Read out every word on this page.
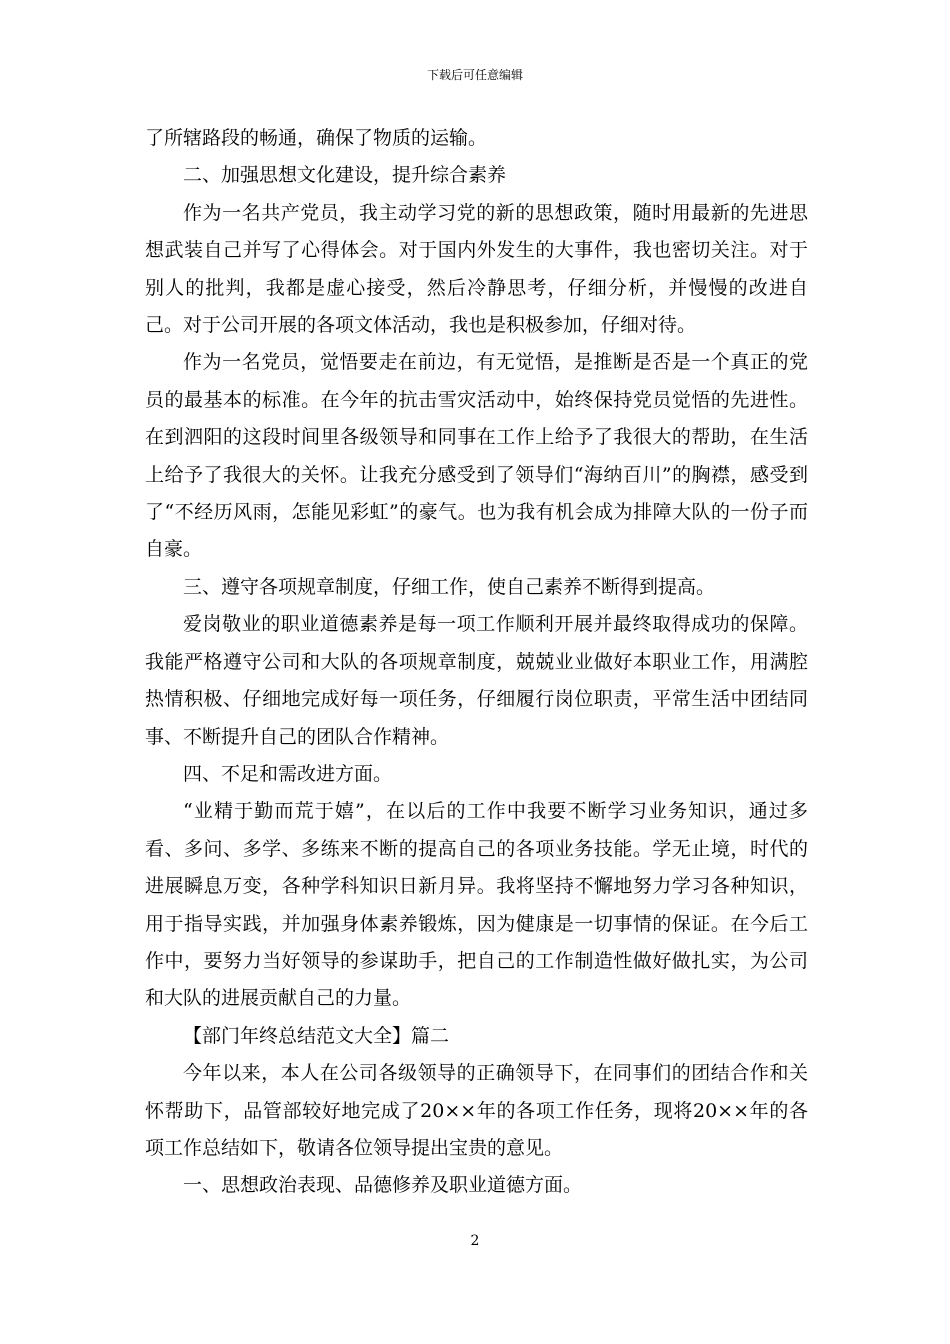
下载后可任意编辑

了所辖路段的畅通，确保了物质的运输。

二、加强思想文化建设，提升综合素养

作为一名共产党员，我主动学习党的新的思想政策，随时用最新的先进思想武装自己并写了心得体会。对于国内外发生的大事件，我也密切关注。对于别人的批判，我都是虚心接受，然后冷静思考，仔细分析，并慢慢的改进自己。对于公司开展的各项文体活动，我也是积极参加，仔细对待。

作为一名党员，觉悟要走在前边，有无觉悟，是推断是否是一个真正的党员的最基本的标准。在今年的抗击雪灾活动中，始终保持党员觉悟的先进性。在到泗阳的这段时间里各级领导和同事在工作上给予了我很大的帮助，在生活上给予了我很大的关怀。让我充分感受到了领导们“海纳百川”的胸襟，感受到了“不经历风雨，怎能见彩虹”的豪气。也为我有机会成为排障大队的一份子而自豪。

三、遵守各项规章制度，仔细工作，使自己素养不断得到提高。

爱岗敬业的职业道德素养是每一项工作顺利开展并最终取得成功的保障。我能严格遵守公司和大队的各项规章制度，兢兢业业做好本职业工作，用满腔热情积极、仔细地完成好每一项任务，仔细履行岗位职责，平常生活中团结同事、不断提升自己的团队合作精神。

四、不足和需改进方面。

“业精于勤而荒于嬉”，在以后的工作中我要不断学习业务知识，通过多看、多问、多学、多练来不断的提高自己的各项业务技能。学无止境，时代的进展瞬息万变，各种学科知识日新月异。我将坚持不懈地努力学习各种知识，用于指导实践，并加强身体素养锻炼，因为健康是一切事情的保证。在今后工作中，要努力当好领导的参谋助手，把自己的工作制造性做好做扎实，为公司和大队的进展贡献自己的力量。

【部门年终总结范文大全】篇二

今年以来，本人在公司各级领导的正确领导下，在同事们的团结合作和关怀帮助下，品管部较好地完成了20××年的各项工作任务，现将20××年的各项工作总结如下，敬请各位领导提出宝贵的意见。

一、思想政治表现、品德修养及职业道德方面。

2
